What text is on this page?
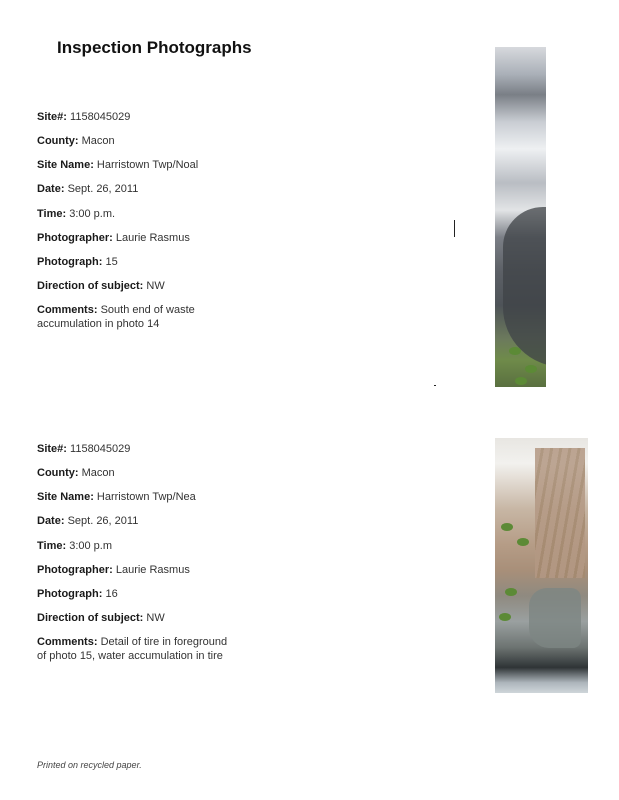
Inspection Photographs
Site#: 1158045029
County: Macon
Site Name: Harristown Twp/Noal
Date: Sept. 26, 2011
Time: 3:00 p.m.
Photographer: Laurie Rasmus
Photograph: 15
Direction of subject: NW
Comments: South end of waste accumulation in photo 14
Site#: 1158045029
County: Macon
Site Name: Harristown Twp/Nea
Date: Sept. 26, 2011
Time: 3:00 p.m
Photographer: Laurie Rasmus
Photograph: 16
Direction of subject: NW
Comments: Detail of tire in foreground of photo 15, water accumulation in tire
Printed on recycled paper.
